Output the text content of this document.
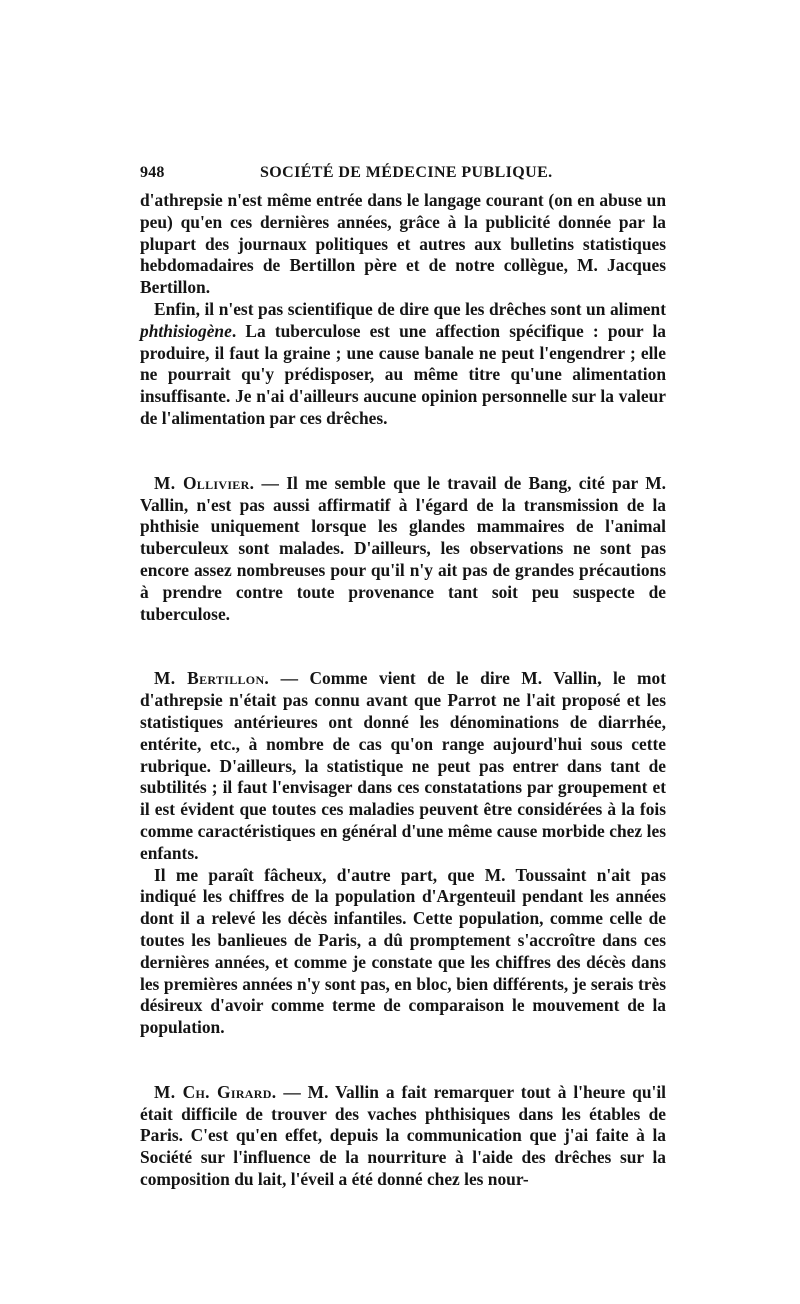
948	SOCIÉTÉ DE MÉDECINE PUBLIQUE.

d'athrepsie n'est même entrée dans le langage courant (on en abuse un peu) qu'en ces dernières années, grâce à la publicité donnée par la plupart des journaux politiques et autres aux bulletins statistiques hebdomadaires de Bertillon père et de notre collègue, M. Jacques Bertillon.

Enfin, il n'est pas scientifique de dire que les drêches sont un aliment phthisiogène. La tuberculose est une affection spécifique : pour la produire, il faut la graine ; une cause banale ne peut l'engendrer ; elle ne pourrait qu'y prédisposer, au même titre qu'une alimentation insuffisante. Je n'ai d'ailleurs aucune opinion personnelle sur la valeur de l'alimentation par ces drêches.

M. Ollivier. — Il me semble que le travail de Bang, cité par M. Vallin, n'est pas aussi affirmatif à l'égard de la transmission de la phthisie uniquement lorsque les glandes mammaires de l'animal tuberculeux sont malades. D'ailleurs, les observations ne sont pas encore assez nombreuses pour qu'il n'y ait pas de grandes précautions à prendre contre toute provenance tant soit peu suspecte de tuberculose.

M. Bertillon. — Comme vient de le dire M. Vallin, le mot d'athrepsie n'était pas connu avant que Parrot ne l'ait proposé et les statistiques antérieures ont donné les dénominations de diarrhée, entérite, etc., à nombre de cas qu'on range aujourd'hui sous cette rubrique. D'ailleurs, la statistique ne peut pas entrer dans tant de subtilités ; il faut l'envisager dans ces constatations par groupement et il est évident que toutes ces maladies peuvent être considérées à la fois comme caractéristiques en général d'une même cause morbide chez les enfants.

Il me paraît fâcheux, d'autre part, que M. Toussaint n'ait pas indiqué les chiffres de la population d'Argenteuil pendant les années dont il a relevé les décès infantiles. Cette population, comme celle de toutes les banlieues de Paris, a dû promptement s'accroître dans ces dernières années, et comme je constate que les chiffres des décès dans les premières années n'y sont pas, en bloc, bien différents, je serais très désireux d'avoir comme terme de comparaison le mouvement de la population.

M. Ch. Girard. — M. Vallin a fait remarquer tout à l'heure qu'il était difficile de trouver des vaches phthisiques dans les étables de Paris. C'est qu'en effet, depuis la communication que j'ai faite à la Société sur l'influence de la nourriture à l'aide des drêches sur la composition du lait, l'éveil a été donné chez les nour-
